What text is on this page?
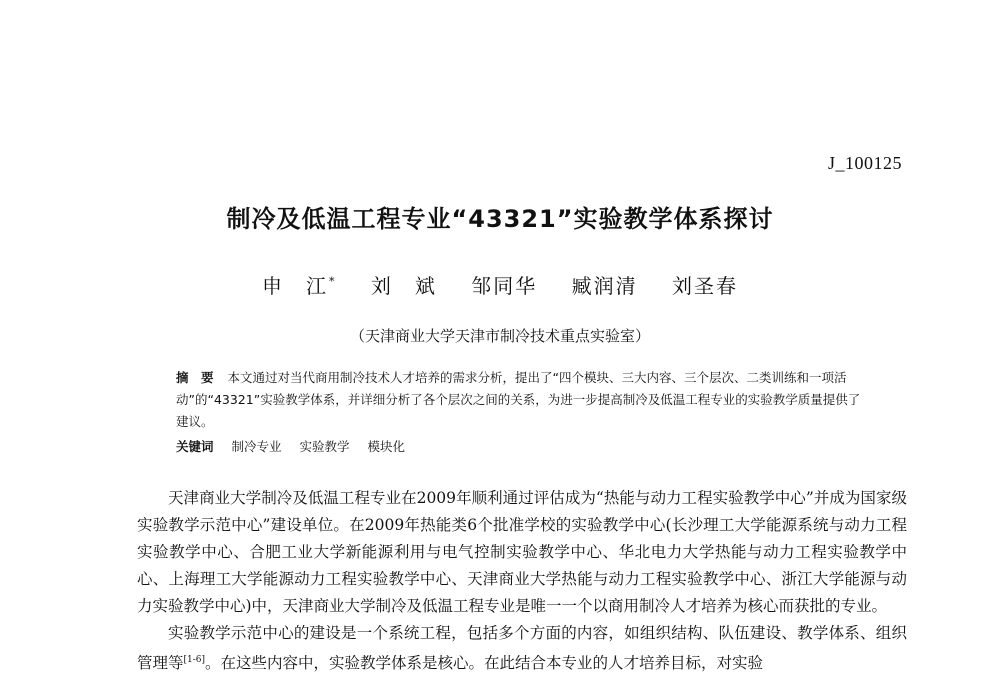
J_100125
制冷及低温工程专业“43321”实验教学体系探讨
申　江* 刘　斌 邹同华 臧润清 刘圣春
（天津商业大学天津市制冷技术重点实验室）
摘　要 本文通过对当代商用制冷技术人才培养的需求分析，提出了“四个模块、三大内容、三个层次、二类训练和一项活动”的“43321”实验教学体系，并详细分析了各个层次之间的关系，为进一步提高制冷及低温工程专业的实验教学质量提供了建议。
关键词 制冷专业 实验教学 模块化

天津商业大学制冷及低温工程专业在2009年顺利通过评估成为“热能与动力工程实验教学中心”并成为国家级实验教学示范中心”建设单位。在2009年热能类6个批准学校的实验教学中心(长沙理工大学能源系统与动力工程实验教学中心、合肥工业大学新能源利用与电气控制实验教学中心、华北电力大学热能与动力工程实验教学中心、上海理工大学能源动力工程实验教学中心、天津商业大学热能与动力工程实验教学中心、浙江大学能源与动力实验教学中心)中，天津商业大学制冷及低温工程专业是唯一一个以商用制冷人才培养为核心而获批的专业。

实验教学示范中心的建设是一个系统工程，包括多个方面的内容，如组织结构、队伍建设、教学体系、组织管理等[1-6]。在这些内容中，实验教学体系是核心。在此结合本专业的人才培养目标，对实验
